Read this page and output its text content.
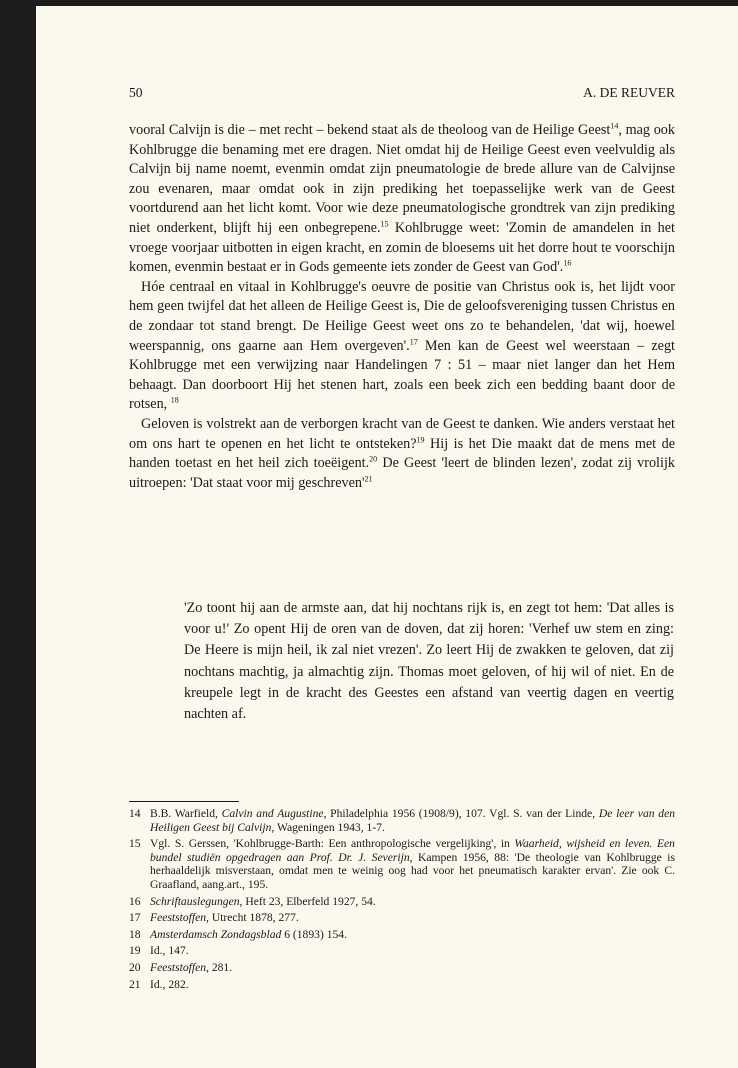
50	A. DE REUVER

vooral Calvijn is die – met recht – bekend staat als de theoloog van de Heilige Geest$^{14}$, mag ook Kohlbrugge die benaming met ere dragen. Niet omdat hij de Heilige Geest even veelvuldig als Calvijn bij name noemt, evenmin omdat zijn pneumatologie de brede allure van de Calvijnse zou evenaren, maar omdat ook in zijn prediking het toepasselijke werk van de Geest voortdurend aan het licht komt. Voor wie deze pneumatologische grondtrek van zijn prediking niet onderkent, blijft hij een onbegrepene.$^{15}$ Kohlbrugge weet: 'Zomin de amandelen in het vroege voorjaar uitbotten in eigen kracht, en zomin de bloesems uit het dorre hout te voorschijn komen, evenmin bestaat er in Gods gemeente iets zonder de Geest van God'.$^{16}$

Hóe centraal en vitaal in Kohlbrugge's oeuvre de positie van Christus ook is, het lijdt voor hem geen twijfel dat het alleen de Heilige Geest is, Die de geloofsvereniging tussen Christus en de zondaar tot stand brengt. De Heilige Geest weet ons zo te behandelen, 'dat wij, hoewel weerspannig, ons gaarne aan Hem overgeven'.$^{17}$ Men kan de Geest wel weerstaan – zegt Kohlbrugge met een verwijzing naar Handelingen 7 : 51 – maar niet langer dan het Hem behaagt. Dan doorboort Hij het stenen hart, zoals een beek zich een bedding baant door de rotsen, $^{18}$

Geloven is volstrekt aan de verborgen kracht van de Geest te danken. Wie anders verstaat het om ons hart te openen en het licht te ontsteken?$^{19}$ Hij is het Die maakt dat de mens met de handen toetast en het heil zich toeëigent.$^{20}$ De Geest 'leert de blinden lezen', zodat zij vrolijk uitroepen: 'Dat staat voor mij $geschreven'^{21}$

'Zo toont hij aan de armste aan, dat hij nochtans rijk is, en zegt tot hem: 'Dat alles is voor u!' Zo opent Hij de oren van de doven, dat zij horen: 'Verhef uw stem en zing: De Heere is mijn heil, ik zal niet vrezen'. Zo leert Hij de zwakken te geloven, dat zij nochtans machtig, ja almachtig zijn. Thomas moet geloven, of hij wil of niet. En de kreupele legt in de kracht des Geestes een afstand van veertig dagen en veertig nachten af.

14 B.B. Warfield, Calvin and Augustine, Philadelphia 1956 (1908/9), 107. Vgl. S. van der Linde, De leer van den Heiligen Geest bij Calvijn, Wageningen 1943, 1-7.
15 Vgl. S. Gerssen, 'Kohlbrugge-Barth: Een anthropologische vergelijking', in Waarheid, wijsheid en leven. Een bundel studiën opgedragen aan Prof. Dr. J. Severijn, Kampen 1956, 88: 'De theologie van Kohlbrugge is herhaaldelijk misverstaan, omdat men te weinig oog had voor het pneumatisch karakter ervan'. Zie ook C. Graafland, aang.art., 195.
16 Schriftauslegungen, Heft 23, Elberfeld 1927, 54.
17 Feeststoffen, Utrecht 1878, 277.
18 Amsterdamsch Zondagsblad 6 (1893) 154.
19 Id., 147.
20 Feeststoffen, 281.
21 Id., 282.
